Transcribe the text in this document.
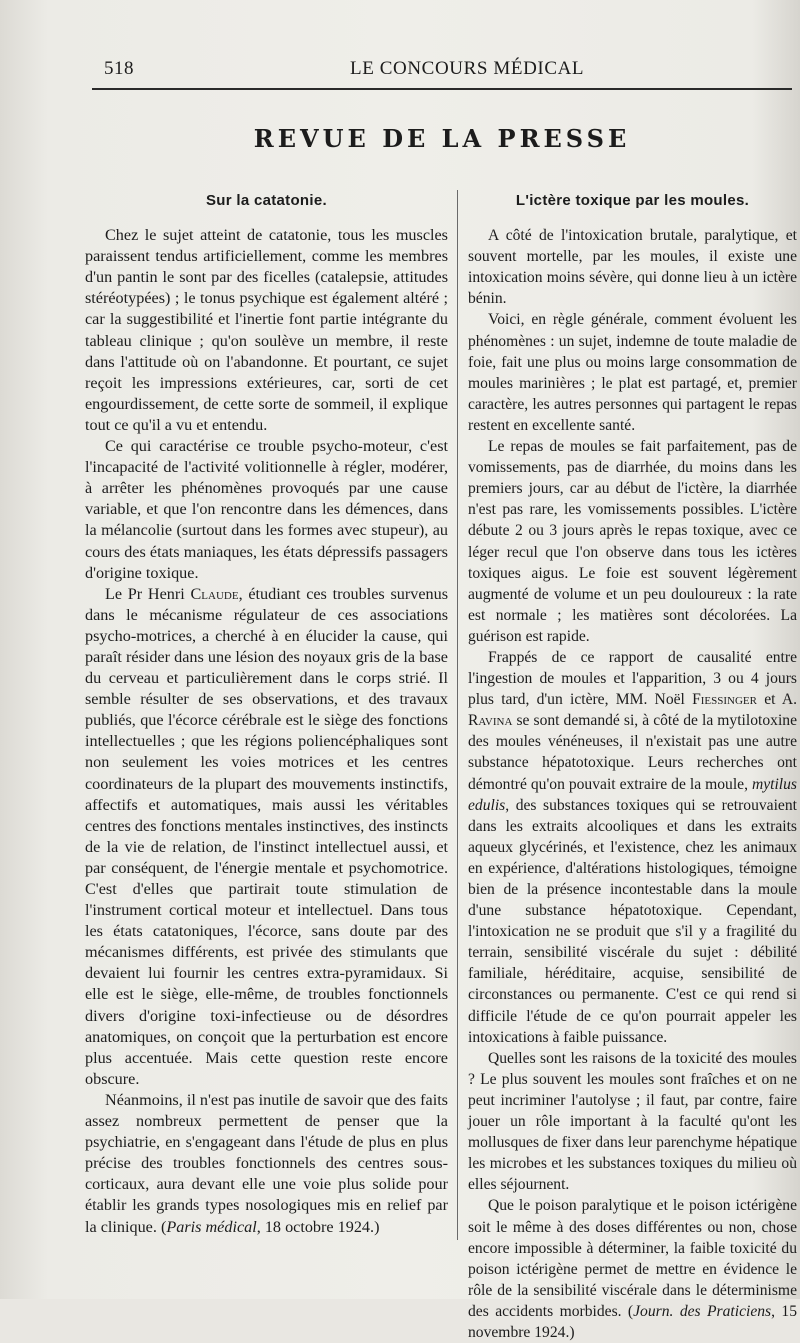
518	LE CONCOURS MÉDICAL
REVUE DE LA PRESSE
Sur la catatonie.

Chez le sujet atteint de catatonie, tous les muscles paraissent tendus artificiellement, comme les membres d'un pantin le sont par des ficelles (catalepsie, attitudes stéréotypées) ; le tonus psychique est également altéré ; car la suggestibilité et l'inertie font partie intégrante du tableau clinique ; qu'on soulève un membre, il reste dans l'attitude où on l'abandonne. Et pourtant, ce sujet reçoit les impressions extérieures, car, sorti de cet engourdissement, de cette sorte de sommeil, il explique tout ce qu'il a vu et entendu.

Ce qui caractérise ce trouble psycho-moteur, c'est l'incapacité de l'activité volitionnelle à régler, modérer, à arrêter les phénomènes provoqués par une cause variable, et que l'on rencontre dans les démences, dans la mélancolie (surtout dans les formes avec stupeur), au cours des états maniaques, les états dépressifs passagers d'origine toxique.

Le Pr Henri Claude, étudiant ces troubles survenus dans le mécanisme régulateur de ces associations psycho-motrices, a cherché à en élucider la cause, qui paraît résider dans une lésion des noyaux gris de la base du cerveau et particulièrement dans le corps strié. Il semble résulter de ses observations, et des travaux publiés, que l'écorce cérébrale est le siège des fonctions intellectuelles ; que les régions poliencéphaliques sont non seulement les voies motrices et les centres coordinateurs de la plupart des mouvements instinctifs, affectifs et automatiques, mais aussi les véritables centres des fonctions mentales instinctives, des instincts de la vie de relation, de l'instinct intellectuel aussi, et par conséquent, de l'énergie mentale et psychomotrice. C'est d'elles que partirait toute stimulation de l'instrument cortical moteur et intellectuel. Dans tous les états catatoniques, l'écorce, sans doute par des mécanismes différents, est privée des stimulants que devaient lui fournir les centres extra-pyramidaux. Si elle est le siège, elle-même, de troubles fonctionnels divers d'origine toxi-infectieuse ou de désordres anatomiques, on conçoit que la perturbation est encore plus accentuée. Mais cette question reste encore obscure.

Néanmoins, il n'est pas inutile de savoir que des faits assez nombreux permettent de penser que la psychiatrie, en s'engageant dans l'étude de plus en plus précise des troubles fonctionnels des centres sous-corticaux, aura devant elle une voie plus solide pour établir les grands types nosologiques mis en relief par la clinique. (Paris médical, 18 octobre 1924.)

L'ictère toxique par les moules.

A côté de l'intoxication brutale, paralytique, et souvent mortelle, par les moules, il existe une intoxication moins sévère, qui donne lieu à un ictère bénin.

Voici, en règle générale, comment évoluent les phénomènes : un sujet, indemne de toute maladie de foie, fait une plus ou moins large consommation de moules marinières ; le plat est partagé, et, premier caractère, les autres personnes qui partagent le repas restent en excellente santé.

Le repas de moules se fait parfaitement, pas de vomissements, pas de diarrhée, du moins dans les premiers jours, car au début de l'ictère, la diarrhée n'est pas rare, les vomissements possibles. L'ictère débute 2 ou 3 jours après le repas toxique, avec ce léger recul que l'on observe dans tous les ictères toxiques aigus. Le foie est souvent légèrement augmenté de volume et un peu douloureux : la rate est normale ; les matières sont décolorées. La guérison est rapide.

Frappés de ce rapport de causalité entre l'ingestion de moules et l'apparition, 3 ou 4 jours plus tard, d'un ictère, MM. Noël Fiessinger et A. Ravina se sont demandé si, à côté de la mytilotoxine des moules vénéneuses, il n'existait pas une autre substance hépatotoxique. Leurs recherches ont démontré qu'on pouvait extraire de la moule, mytilus edulis, des substances toxiques qui se retrouvaient dans les extraits alcooliques et dans les extraits aqueux glycérinés, et l'existence, chez les animaux en expérience, d'altérations histologiques, témoigne bien de la présence incontestable dans la moule d'une substance hépatotoxique. Cependant, l'intoxication ne se produit que s'il y a fragilité du terrain, sensibilité viscérale du sujet : débilité familiale, héréditaire, acquise, sensibilité de circonstances ou permanente. C'est ce qui rend si difficile l'étude de ce qu'on pourrait appeler les intoxications à faible puissance.

Quelles sont les raisons de la toxicité des moules ? Le plus souvent les moules sont fraîches et on ne peut incriminer l'autolyse ; il faut, par contre, faire jouer un rôle important à la faculté qu'ont les mollusques de fixer dans leur parenchyme hépatique les microbes et les substances toxiques du milieu où elles séjournent.

Que le poison paralytique et le poison ictérigène soit le même à des doses différentes ou non, chose encore impossible à déterminer, la faible toxicité du poison ictérigène permet de mettre en évidence le rôle de la sensibilité viscérale dans le déterminisme des accidents morbides. (Journ. des Praticiens, 15 novembre 1924.)
